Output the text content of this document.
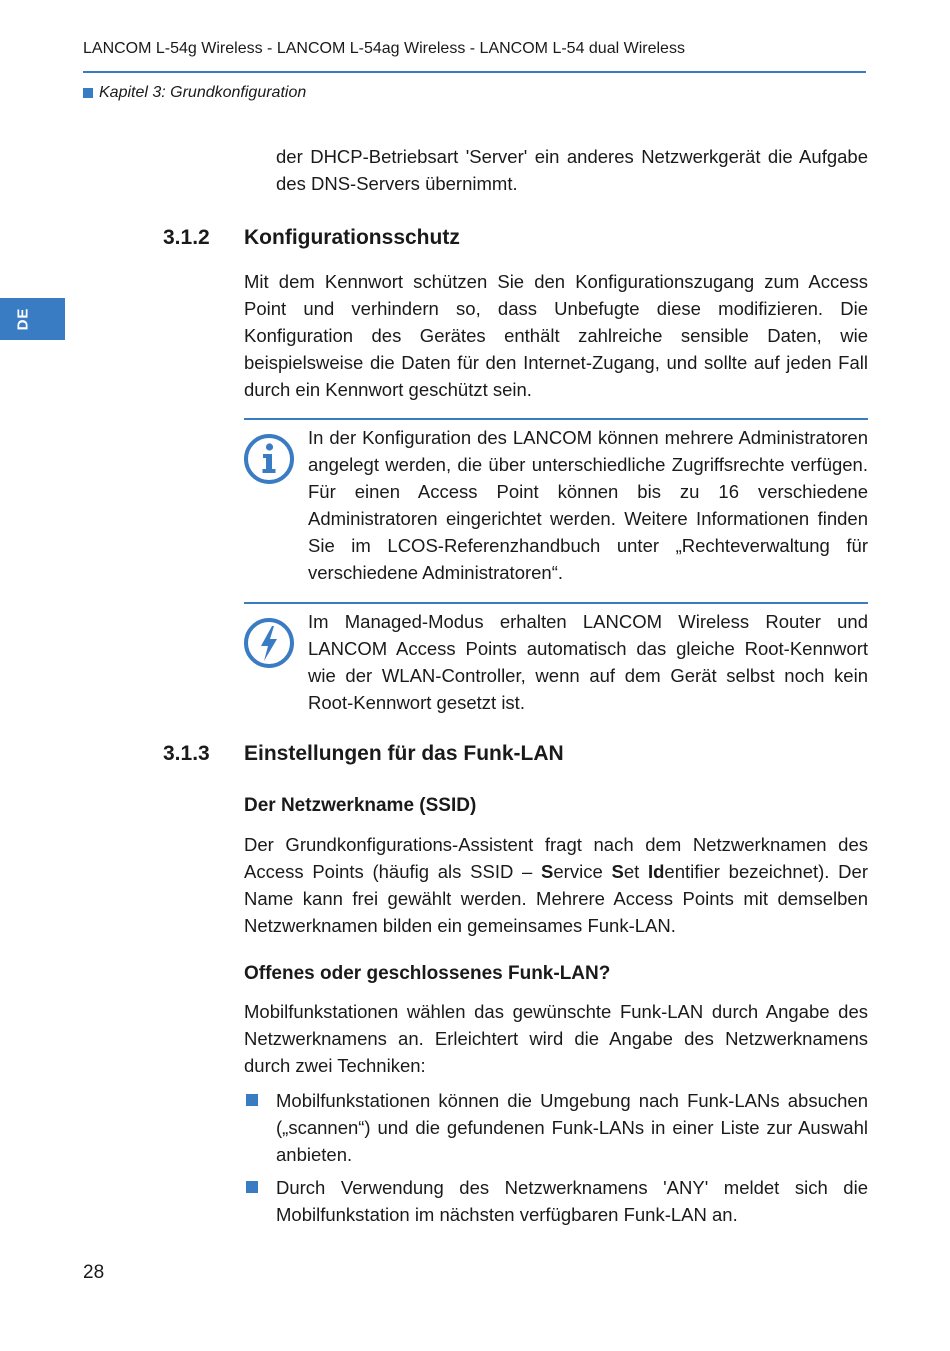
LANCOM L-54g Wireless - LANCOM L-54ag Wireless - LANCOM L-54 dual Wireless
Kapitel 3: Grundkonfiguration
DE
der DHCP-Betriebsart 'Server' ein anderes Netzwerkgerät die Aufgabe des DNS-Servers übernimmt.
3.1.2 Konfigurationsschutz
Mit dem Kennwort schützen Sie den Konfigurationszugang zum Access Point und verhindern so, dass Unbefugte diese modifizieren. Die Konfiguration des Gerätes enthält zahlreiche sensible Daten, wie beispielsweise die Daten für den Internet-Zugang, und sollte auf jeden Fall durch ein Kennwort geschützt sein.
In der Konfiguration des LANCOM können mehrere Administratoren angelegt werden, die über unterschiedliche Zugriffsrechte verfügen. Für einen Access Point können bis zu 16 verschiedene Administratoren eingerichtet werden. Weitere Informationen finden Sie im LCOS-Referenzhandbuch unter „Rechteverwaltung für verschiedene Administratoren“.
Im Managed-Modus erhalten LANCOM Wireless Router und LANCOM Access Points automatisch das gleiche Root-Kennwort wie der WLAN-Controller, wenn auf dem Gerät selbst noch kein Root-Kennwort gesetzt ist.
3.1.3 Einstellungen für das Funk-LAN
Der Netzwerkname (SSID)
Der Grundkonfigurations-Assistent fragt nach dem Netzwerknamen des Access Points (häufig als SSID – Service Set Identifier bezeichnet). Der Name kann frei gewählt werden. Mehrere Access Points mit demselben Netzwerknamen bilden ein gemeinsames Funk-LAN.
Offenes oder geschlossenes Funk-LAN?
Mobilfunkstationen wählen das gewünschte Funk-LAN durch Angabe des Netzwerknamens an. Erleichtert wird die Angabe des Netzwerknamens durch zwei Techniken:
Mobilfunkstationen können die Umgebung nach Funk-LANs absuchen („scannen“) und die gefundenen Funk-LANs in einer Liste zur Auswahl anbieten.
Durch Verwendung des Netzwerknamens 'ANY' meldet sich die Mobilfunkstation im nächsten verfügbaren Funk-LAN an.
28
